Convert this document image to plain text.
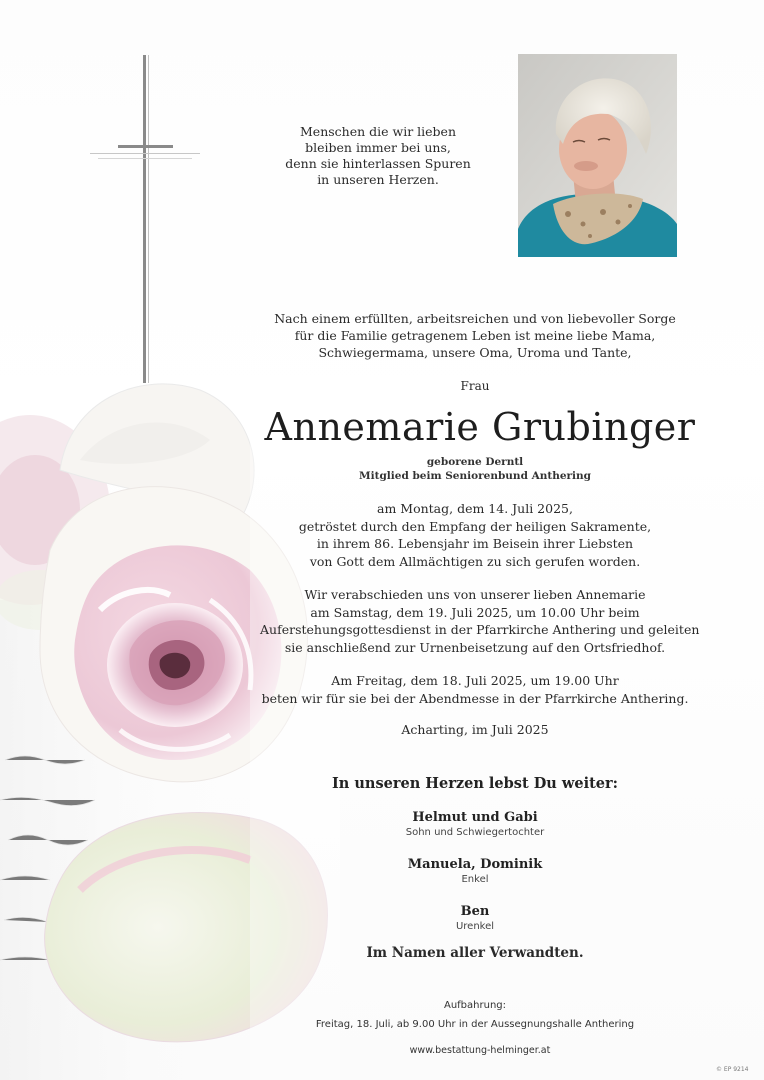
Menschen die wir lieben
bleiben immer bei uns,
denn sie hinterlassen Spuren
in unseren Herzen.
Nach einem erfüllten, arbeitsreichen und von liebevoller Sorge
für die Familie getragenem Leben ist meine liebe Mama,
Schwiegermama, unsere Oma, Uroma und Tante,
Frau
Annemarie Grubinger
geborene Derntl
Mitglied beim Seniorenbund Anthering
am Montag, dem 14. Juli 2025,
getröstet durch den Empfang der heiligen Sakramente,
in ihrem 86. Lebensjahr im Beisein ihrer Liebsten
von Gott dem Allmächtigen zu sich gerufen worden.
Wir verabschieden uns von unserer lieben Annemarie
am Samstag, dem 19. Juli 2025, um 10.00 Uhr beim
Auferstehungsgottesdienst in der Pfarrkirche Anthering und geleiten
sie anschließend zur Urnenbeisetzung auf den Ortsfriedhof.
Am Freitag, dem 18. Juli 2025, um 19.00 Uhr
beten wir für sie bei der Abendmesse in der Pfarrkirche Anthering.
Acharting, im Juli 2025
In unseren Herzen lebst Du weiter:
Helmut und Gabi
Sohn und Schwiegertochter
Manuela, Dominik
Enkel
Ben
Urenkel
Im Namen aller Verwandten.
Aufbahrung:
Freitag, 18. Juli, ab 9.00 Uhr in der Aussegnungshalle Anthering
www.bestattung-helminger.at
© EP 9214
